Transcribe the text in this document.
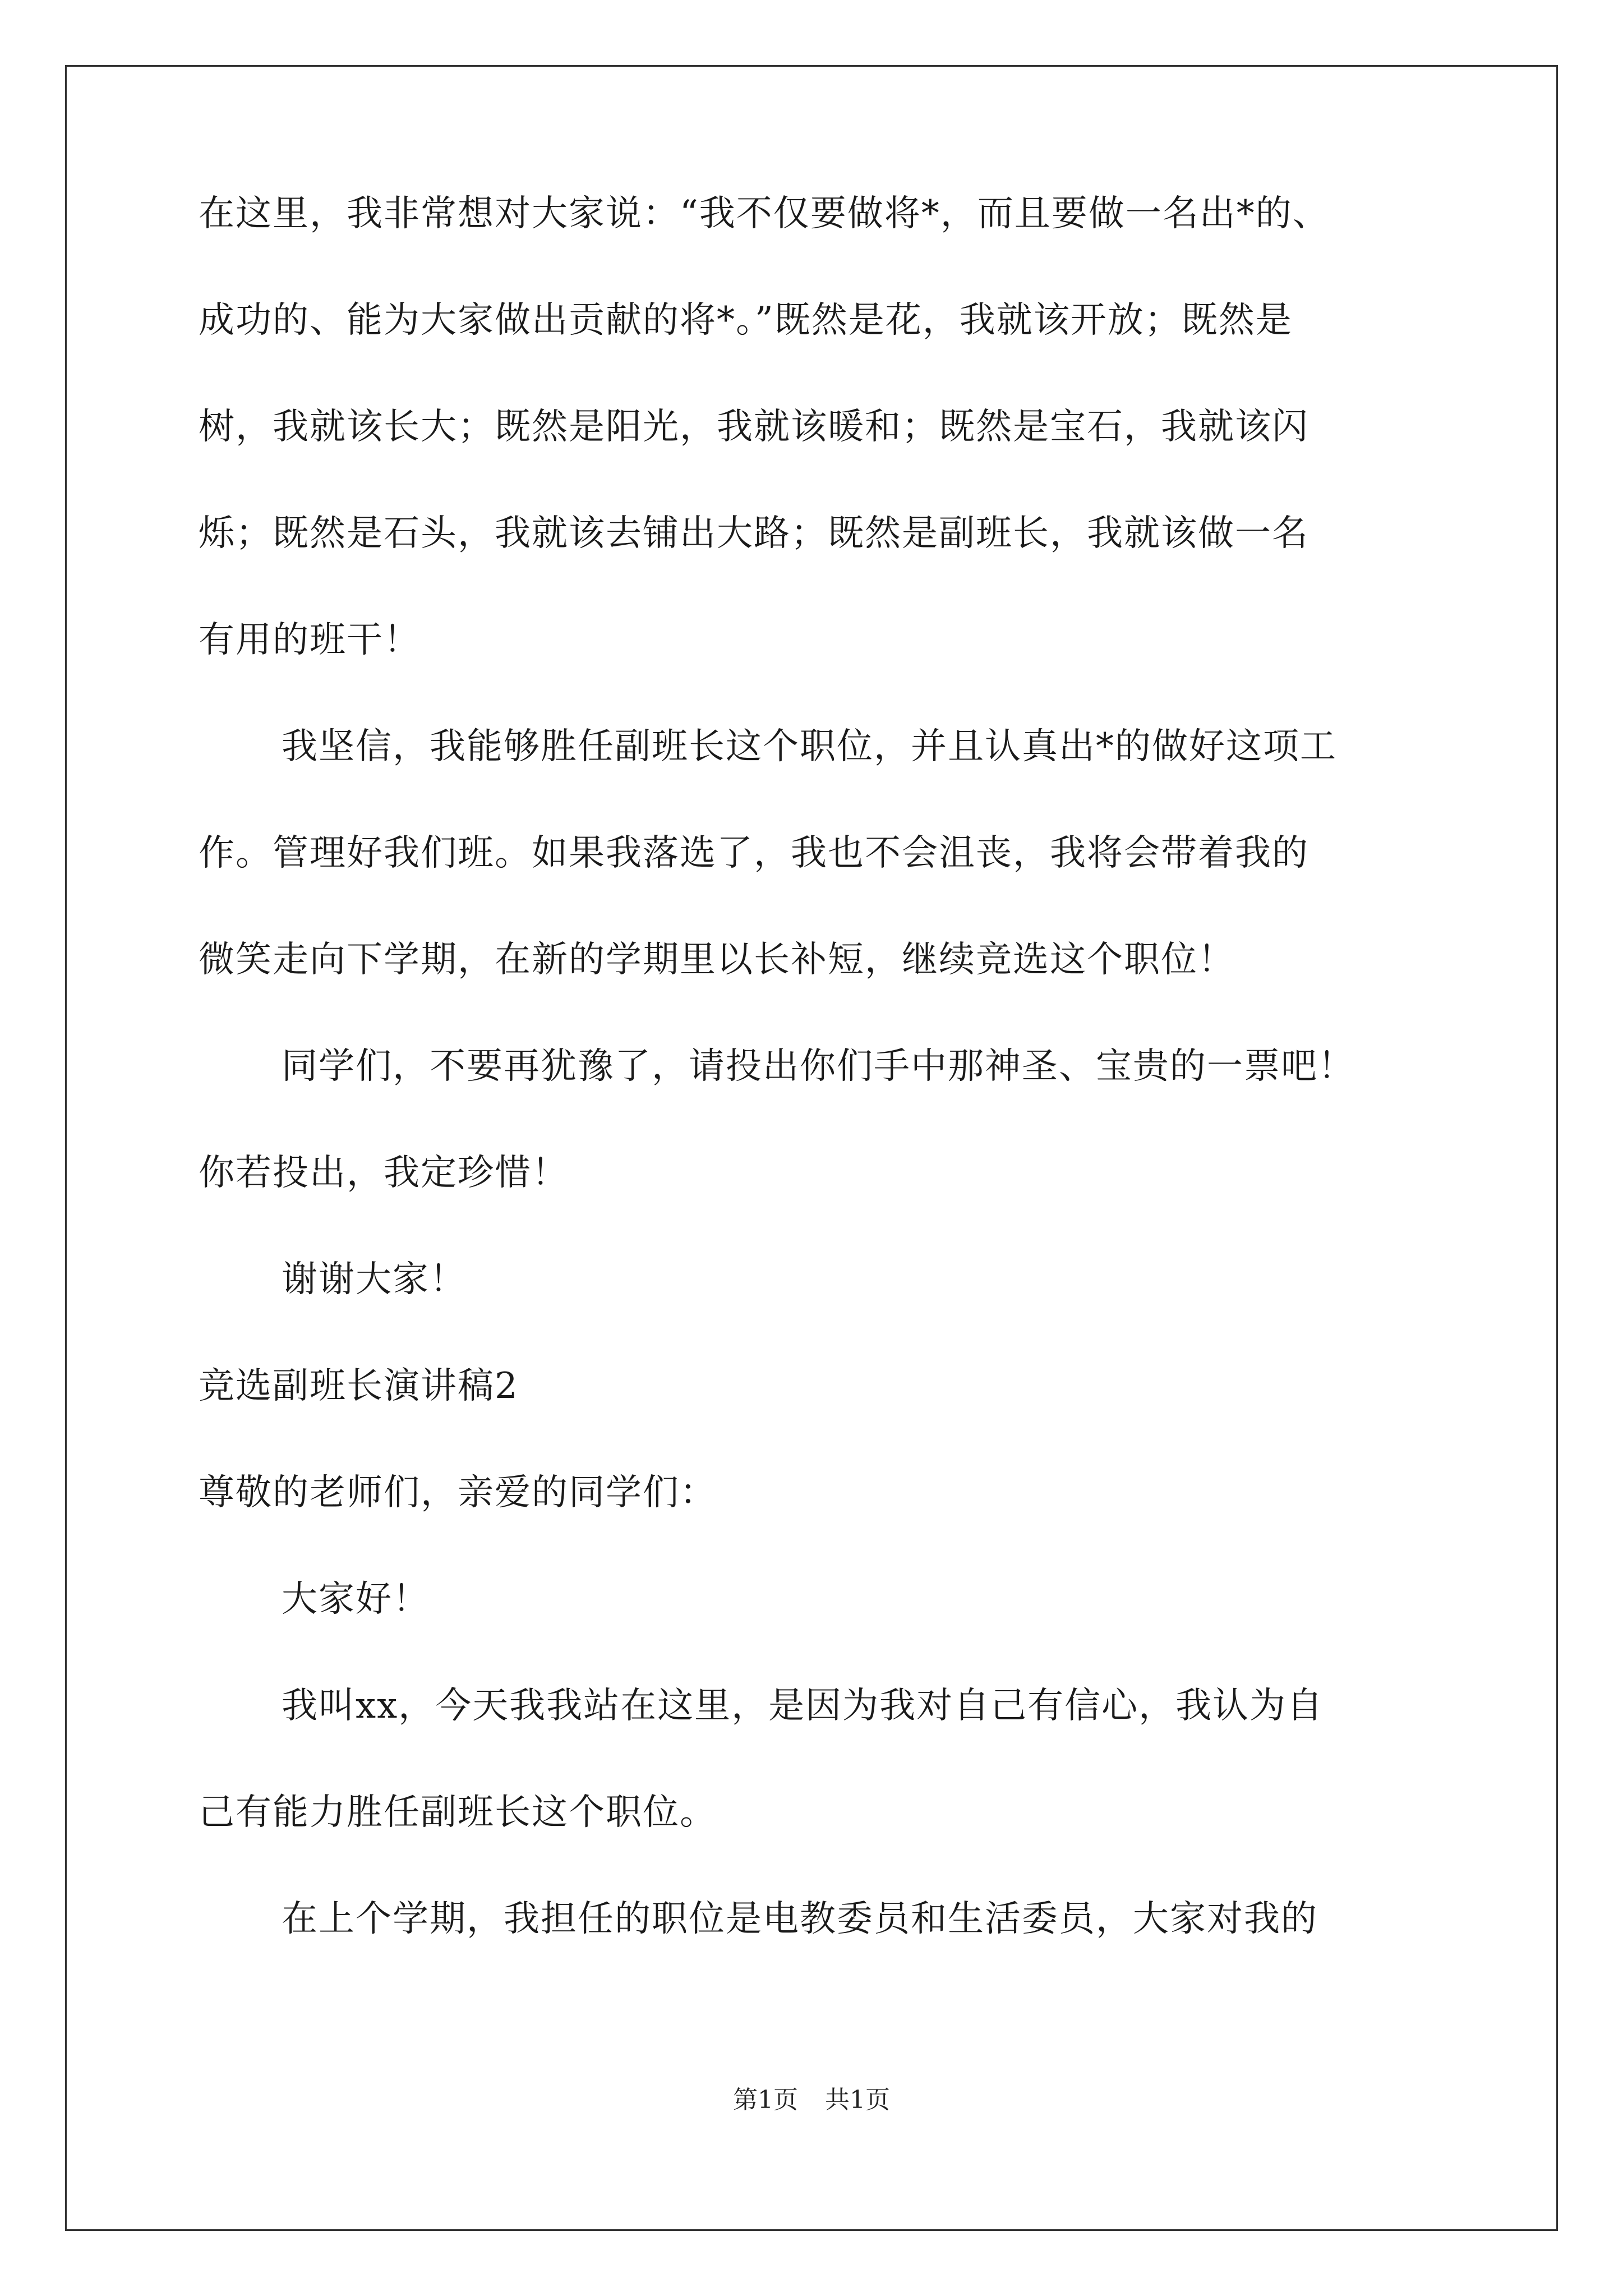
在这里，我非常想对大家说：“我不仅要做将*，而且要做一名出*的、
成功的、能为大家做出贡献的将*。”既然是花，我就该开放；既然是
树，我就该长大；既然是阳光，我就该暖和；既然是宝石，我就该闪
烁；既然是石头，我就该去铺出大路；既然是副班长，我就该做一名
有用的班干！
我坚信，我能够胜任副班长这个职位，并且认真出*的做好这项工
作。管理好我们班。如果我落选了，我也不会沮丧，我将会带着我的
微笑走向下学期，在新的学期里以长补短，继续竞选这个职位！
同学们，不要再犹豫了，请投出你们手中那神圣、宝贵的一票吧！
你若投出，我定珍惜！
谢谢大家！
竞选副班长演讲稿2
尊敬的老师们，亲爱的同学们：
大家好！
我叫xx，今天我我站在这里，是因为我对自己有信心，我认为自
己有能力胜任副班长这个职位。
在上个学期，我担任的职位是电教委员和生活委员，大家对我的
第1页 共1页
